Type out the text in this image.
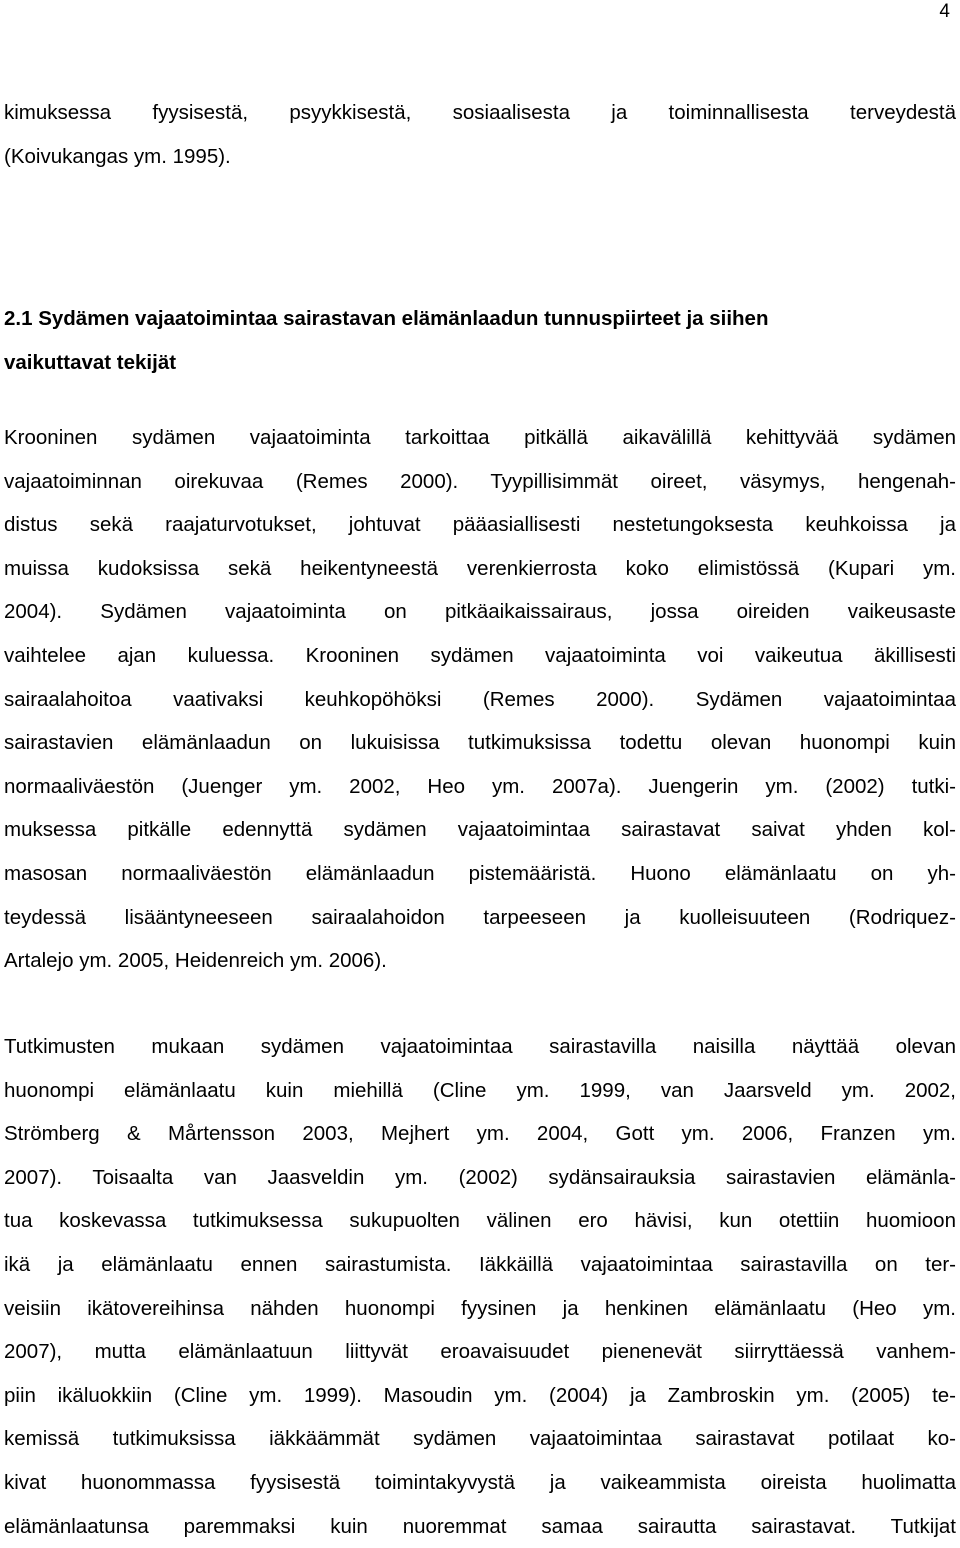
4

kimuksessa fyysisestä, psyykkisestä, sosiaalisesta ja toiminnallisesta terveydestä
(Koivukangas ym. 1995).

2.1 Sydämen vajaatoimintaa sairastavan elämänlaadun tunnuspiirteet ja siihen
vaikuttavat tekijät

Krooninen sydämen vajaatoiminta tarkoittaa pitkällä aikavälillä kehittyvää sydämen
vajaatoiminnan oirekuvaa (Remes 2000). Tyypillisimmät oireet, väsymys, hengenah-
distus sekä raajaturvotukset, johtuvat pääasiallisesti nestetungoksesta keuhkoissa ja
muissa kudoksissa sekä heikentyneestä verenkierrosta koko elimistössä (Kupari ym.
2004). Sydämen vajaatoiminta on pitkäaikaissairaus, jossa oireiden vaikeusaste
vaihtelee ajan kuluessa. Krooninen sydämen vajaatoiminta voi vaikeutua äkillisesti
sairaalahoitoa vaativaksi keuhkopöhöksi (Remes 2000). Sydämen vajaatoimintaa
sairastavien elämänlaadun on lukuisissa tutkimuksissa todettu olevan huonompi kuin
normaaliväestön (Juenger ym. 2002, Heo ym. 2007a). Juengerin ym. (2002) tutki-
muksessa pitkälle edennyttä sydämen vajaatoimintaa sairastavat saivat yhden kol-
masosan normaaliväestön elämänlaadun pistemääristä. Huono elämänlaatu on yh-
teydessä lisääntyneeseen sairaalahoidon tarpeeseen ja kuolleisuuteen (Rodriquez-
Artalejo ym. 2005, Heidenreich ym. 2006).

Tutkimusten mukaan sydämen vajaatoimintaa sairastavilla naisilla näyttää olevan
huonompi elämänlaatu kuin miehillä (Cline ym. 1999, van Jaarsveld ym. 2002,
Strömberg & Mårtensson 2003, Mejhert ym. 2004, Gott ym. 2006, Franzen ym.
2007). Toisaalta van Jaasveldin ym. (2002) sydänsairauksia sairastavien elämänla-
tua koskevassa tutkimuksessa sukupuolten välinen ero hävisi, kun otettiin huomioon
ikä ja elämänlaatu ennen sairastumista. Iäkkäillä vajaatoimintaa sairastavilla on ter-
veisiin ikätovereihinsa nähden huonompi fyysinen ja henkinen elämänlaatu (Heo ym.
2007), mutta elämänlaatuun liittyvät eroavaisuudet pienenevät siirryttäessä vanhem-
piin ikäluokkiin (Cline ym. 1999). Masoudin ym. (2004) ja Zambroskin ym. (2005) te-
kemissä tutkimuksissa iäkkäämmät sydämen vajaatoimintaa sairastavat potilaat ko-
kivat huonommassa fyysisestä toimintakyvystä ja vaikeammista oireista huolimatta
elämänlaatunsa paremmaksi kuin nuoremmat samaa sairautta sairastavat. Tutkijat
